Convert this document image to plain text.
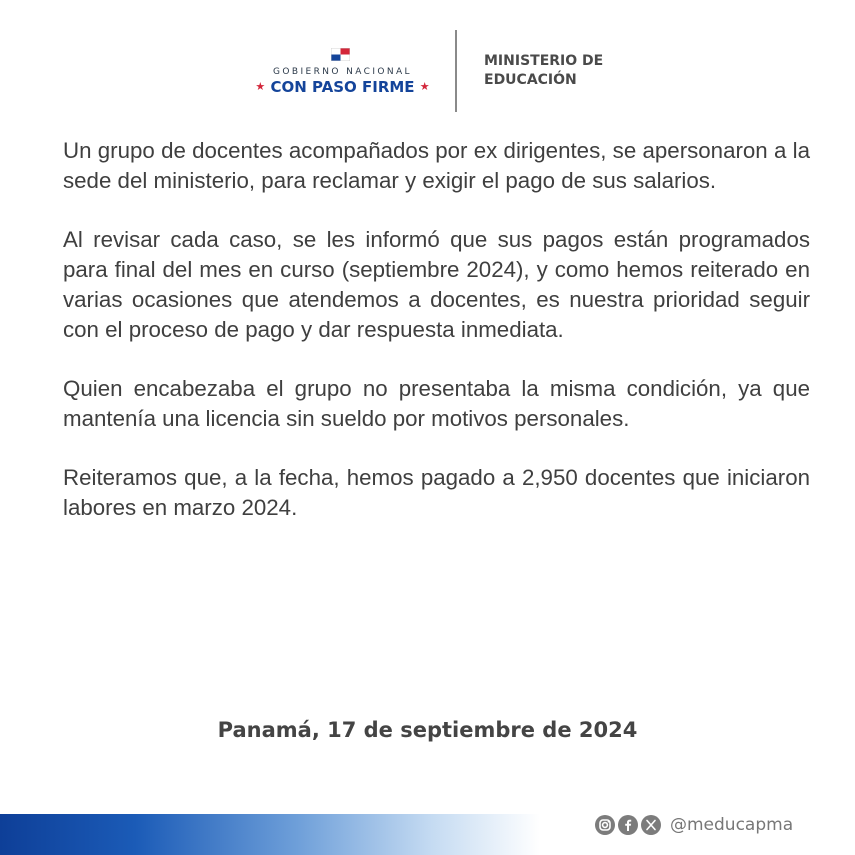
GOBIERNO NACIONAL
★ CON PASO FIRME ★
MINISTERIO DE
EDUCACIÓN

Un grupo de docentes acompañados por ex dirigentes, se apersonaron a la sede del ministerio, para reclamar y exigir el pago de sus salarios.

Al revisar cada caso, se les informó que sus pagos están programados para final del mes en curso (septiembre 2024), y como hemos reiterado en varias ocasiones que atendemos a docentes, es nuestra prioridad seguir con el proceso de pago y dar respuesta inmediata.

Quien encabezaba el grupo no presentaba la misma condición, ya que mantenía una licencia sin sueldo por motivos personales.

Reiteramos que, a la fecha, hemos pagado a 2,950 docentes que iniciaron labores en marzo 2024.

Panamá, 17 de septiembre de 2024
@meducapma
